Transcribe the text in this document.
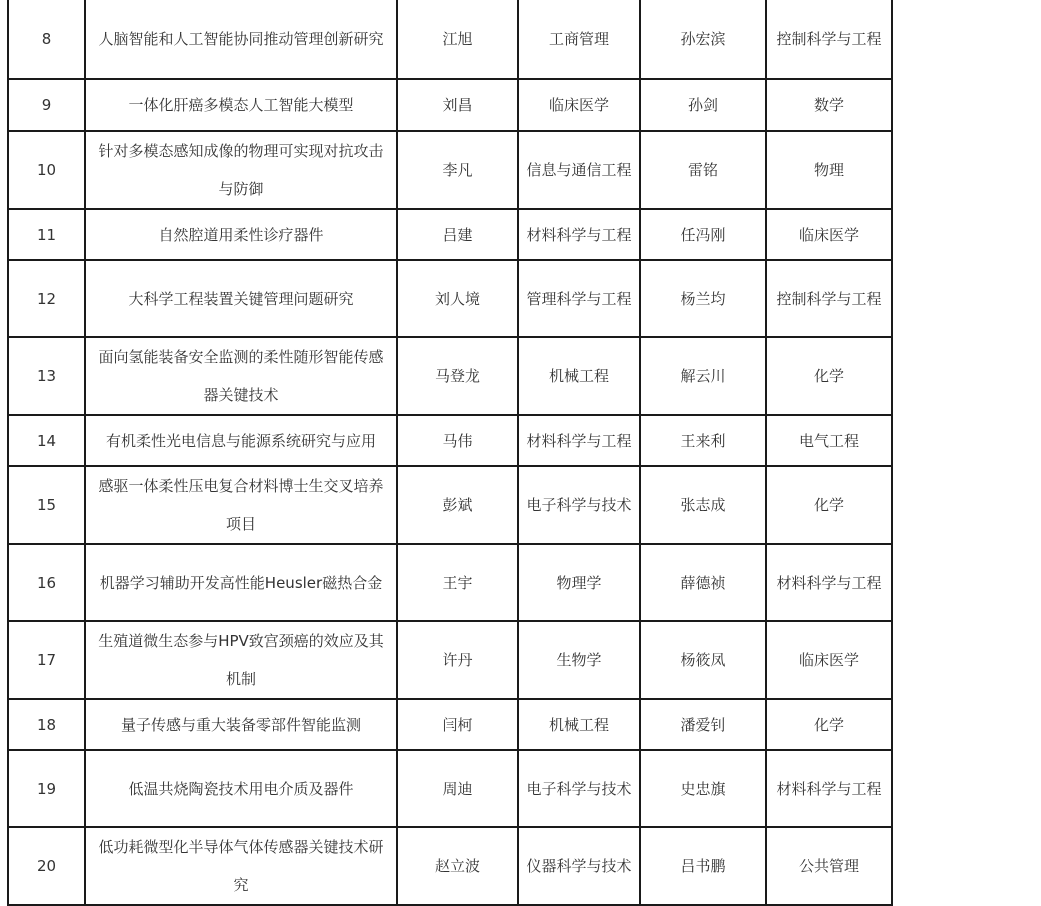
8	人脑智能和人工智能协同推动管理创新研究	江旭	工商管理	孙宏滨	控制科学与工程
9	一体化肝癌多模态人工智能大模型	刘昌	临床医学	孙剑	数学
10	针对多模态感知成像的物理可实现对抗攻击与防御	李凡	信息与通信工程	雷铭	物理
11	自然腔道用柔性诊疗器件	吕建	材料科学与工程	任冯刚	临床医学
12	大科学工程装置关键管理问题研究	刘人境	管理科学与工程	杨兰均	控制科学与工程
13	面向氢能装备安全监测的柔性随形智能传感器关键技术	马登龙	机械工程	解云川	化学
14	有机柔性光电信息与能源系统研究与应用	马伟	材料科学与工程	王来利	电气工程
15	感驱一体柔性压电复合材料博士生交叉培养项目	彭斌	电子科学与技术	张志成	化学
16	机器学习辅助开发高性能Heusler磁热合金	王宇	物理学	薛德祯	材料科学与工程
17	生殖道微生态参与HPV致宫颈癌的效应及其机制	许丹	生物学	杨筱凤	临床医学
18	量子传感与重大装备零部件智能监测	闫柯	机械工程	潘爱钊	化学
19	低温共烧陶瓷技术用电介质及器件	周迪	电子科学与技术	史忠旗	材料科学与工程
20	低功耗微型化半导体气体传感器关键技术研究	赵立波	仪器科学与技术	吕书鹏	公共管理
